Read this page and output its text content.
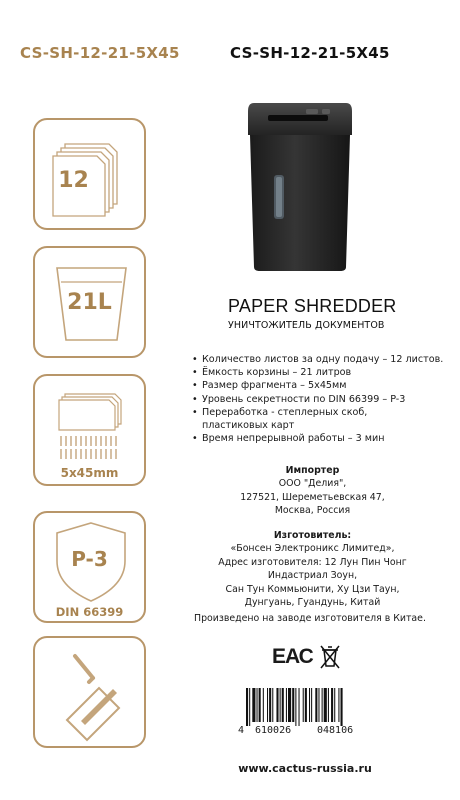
CS-SH-12-21-5X45	CS-SH-12-21-5X45
12
21L
5x45mm
P-3
DIN 66399
PAPER SHREDDER
УНИЧТОЖИТЕЛЬ ДОКУМЕНТОВ
• Количество листов за одну подачу – 12 листов.
• Ёмкость корзины – 21 литров
• Размер фрагмента – 5x45мм
• Уровень секретности по DIN 66399 – P-3
• Переработка - степлерных скоб, пластиковых карт
• Время непрерывной работы – 3 мин
Импортер
ООО "Делия",
127521, Шереметьевская 47,
Москва, Россия
Изготовитель:
«Бонсен Электроникс Лимитед»,
Адрес изготовителя: 12 Лун Пин Чонг
Индастриал Зоун,
Сан Тун Коммьюнити, Ху Цзи Таун,
Дунгуань, Гуандунь, Китай
Произведено на заводе изготовителя в Китае.
ЕАС
4 610026	048106
www.cactus-russia.ru
